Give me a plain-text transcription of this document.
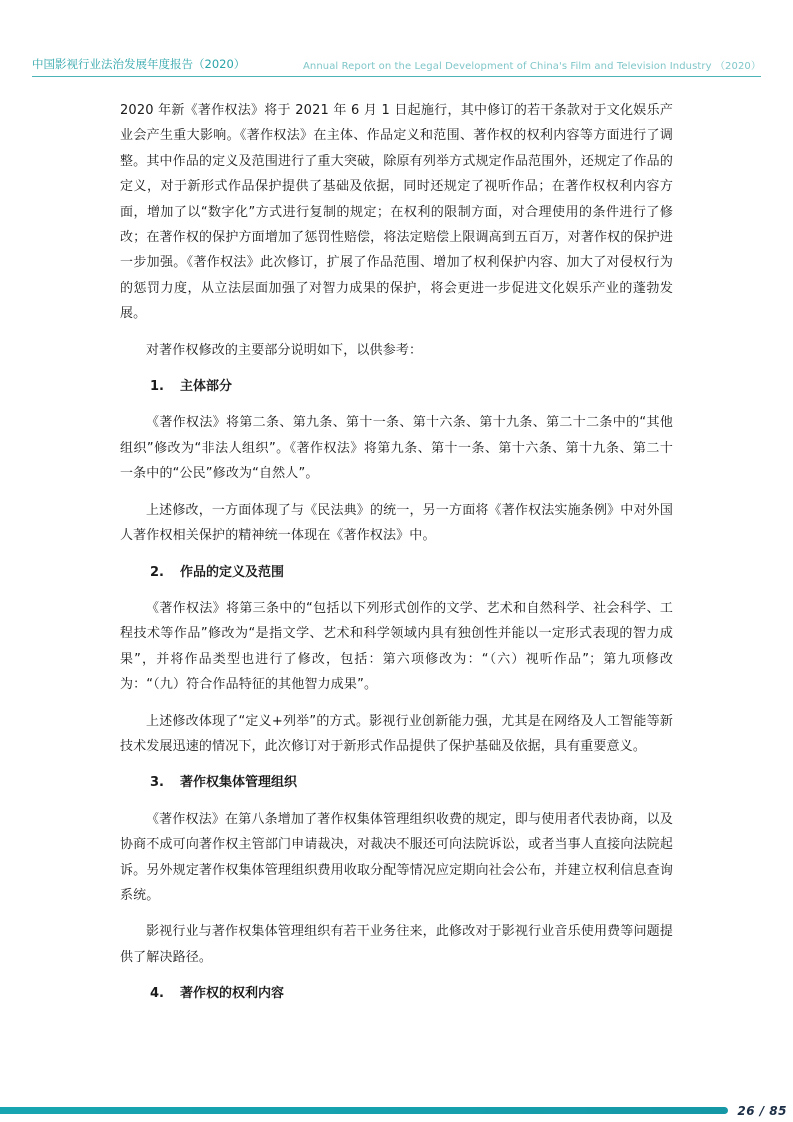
中国影视行业法治发展年度报告（2020）	Annual Report on the Legal Development of China's Film and Television Industry （2020）

2020 年新《著作权法》将于 2021 年 6 月 1 日起施行，其中修订的若干条款对于文化娱乐产业会产生重大影响。《著作权法》在主体、作品定义和范围、著作权的权利内容等方面进行了调整。其中作品的定义及范围进行了重大突破，除原有列举方式规定作品范围外，还规定了作品的定义，对于新形式作品保护提供了基础及依据，同时还规定了视听作品；在著作权权利内容方面，增加了以“数字化”方式进行复制的规定；在权利的限制方面，对合理使用的条件进行了修改；在著作权的保护方面增加了惩罚性赔偿，将法定赔偿上限调高到五百万，对著作权的保护进一步加强。《著作权法》此次修订，扩展了作品范围、增加了权利保护内容、加大了对侵权行为的惩罚力度，从立法层面加强了对智力成果的保护，将会更进一步促进文化娱乐产业的蓬勃发展。

对著作权修改的主要部分说明如下，以供参考：

1. 主体部分

《著作权法》将第二条、第九条、第十一条、第十六条、第十九条、第二十二条中的“其他组织”修改为“非法人组织”。《著作权法》将第九条、第十一条、第十六条、第十九条、第二十一条中的“公民”修改为“自然人”。

上述修改，一方面体现了与《民法典》的统一，另一方面将《著作权法实施条例》中对外国人著作权相关保护的精神统一体现在《著作权法》中。

2. 作品的定义及范围

《著作权法》将第三条中的“包括以下列形式创作的文学、艺术和自然科学、社会科学、工程技术等作品”修改为“是指文学、艺术和科学领域内具有独创性并能以一定形式表现的智力成果”，并将作品类型也进行了修改，包括：第六项修改为：“（六）视听作品”；第九项修改为：“（九）符合作品特征的其他智力成果”。

上述修改体现了“定义+列举”的方式。影视行业创新能力强，尤其是在网络及人工智能等新技术发展迅速的情况下，此次修订对于新形式作品提供了保护基础及依据，具有重要意义。

3. 著作权集体管理组织

《著作权法》在第八条增加了著作权集体管理组织收费的规定，即与使用者代表协商，以及协商不成可向著作权主管部门申请裁决，对裁决不服还可向法院诉讼，或者当事人直接向法院起诉。另外规定著作权集体管理组织费用收取分配等情况应定期向社会公布，并建立权利信息查询系统。

影视行业与著作权集体管理组织有若干业务往来，此修改对于影视行业音乐使用费等问题提供了解决路径。

4. 著作权的权利内容
26 / 85
